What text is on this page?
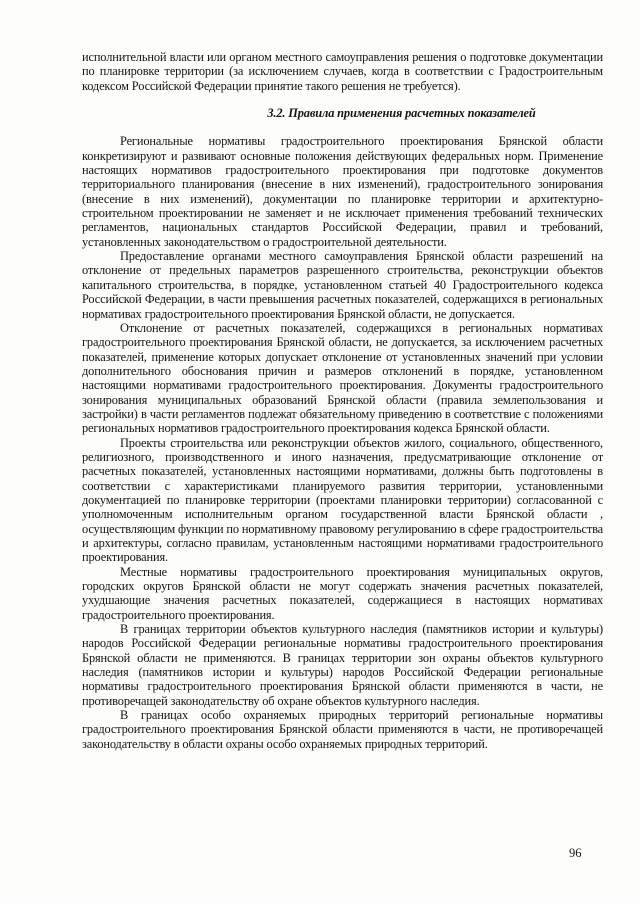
исполнительной власти или органом местного самоуправления решения о подготовке документации по планировке территории (за исключением случаев, когда в соответствии с Градостроительным кодексом Российской Федерации принятие такого решения не требуется).

3.2. Правила применения расчетных показателей

Региональные нормативы градостроительного проектирования Брянской области конкретизируют и развивают основные положения действующих федеральных норм. Применение настоящих нормативов градостроительного проектирования при подготовке документов территориального планирования (внесение в них изменений), градостроительного зонирования (внесение в них изменений), документации по планировке территории и архитектурно-строительном проектировании не заменяет и не исключает применения требований технических регламентов, национальных стандартов Российской Федерации, правил и требований, установленных законодательством о градостроительной деятельности.

Предоставление органами местного самоуправления Брянской области разрешений на отклонение от предельных параметров разрешенного строительства, реконструкции объектов капитального строительства, в порядке, установленном статьей 40 Градостроительного кодекса Российской Федерации, в части превышения расчетных показателей, содержащихся в региональных нормативах градостроительного проектирования Брянской области, не допускается.

Отклонение от расчетных показателей, содержащихся в региональных нормативах градостроительного проектирования Брянской области, не допускается, за исключением расчетных показателей, применение которых допускает отклонение от установленных значений при условии дополнительного обоснования причин и размеров отклонений в порядке, установленном настоящими нормативами градостроительного проектирования. Документы градостроительного зонирования муниципальных образований Брянской области (правила землепользования и застройки) в части регламентов подлежат обязательному приведению в соответствие с положениями региональных нормативов градостроительного проектирования кодекса Брянской области.

Проекты строительства или реконструкции объектов жилого, социального, общественного, религиозного, производственного и иного назначения, предусматривающие отклонение от расчетных показателей, установленных настоящими нормативами, должны быть подготовлены в соответствии с характеристиками планируемого развития территории, установленными документацией по планировке территории (проектами планировки территории) согласованной с уполномоченным исполнительным органом государственной власти Брянской области , осуществляющим функции по нормативному правовому регулированию в сфере градостроительства и архитектуры, согласно правилам, установленным настоящими нормативами градостроительного проектирования.

Местные нормативы градостроительного проектирования муниципальных округов, городских округов Брянской области не могут содержать значения расчетных показателей, ухудшающие значения расчетных показателей, содержащиеся в настоящих нормативах градостроительного проектирования.

В границах территории объектов культурного наследия (памятников истории и культуры) народов Российской Федерации региональные нормативы градостроительного проектирования Брянской области не применяются. В границах территории зон охраны объектов культурного наследия (памятников истории и культуры) народов Российской Федерации региональные нормативы градостроительного проектирования Брянской области применяются в части, не противоречащей законодательству об охране объектов культурного наследия.

В границах особо охраняемых природных территорий региональные нормативы градостроительного проектирования Брянской области применяются в части, не противоречащей законодательству в области охраны особо охраняемых природных территорий.

96
